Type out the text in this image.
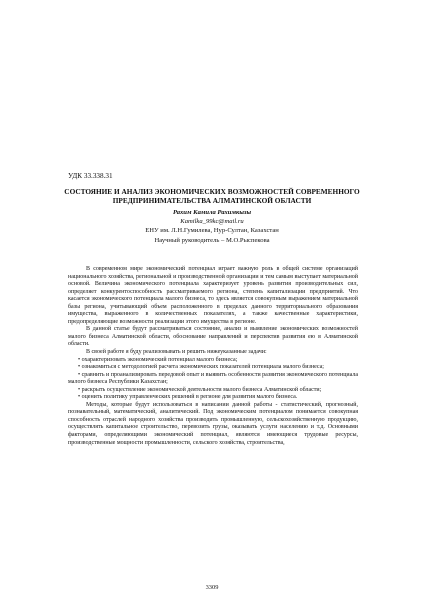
УДК 33.338.31
СОСТОЯНИЕ И АНАЛИЗ ЭКОНОМИЧЕСКИХ ВОЗМОЖНОСТЕЙ СОВРЕМЕННОГО ПРЕДПРИНИМАТЕЛЬСТВА АЛМАТИНСКОЙ ОБЛАСТИ
Рахим Камила Рахимкызы
Kamilka_99kc@mail.ru
ЕНУ им. Л.Н.Гумилева, Нур-Султан, Казахстан
Научный руководитель – М.О.Рыспекова

В современном мире экономический потенциал играет важную роль в общей системе организаций национального хозяйства, региональной и производственной организации и тем самым выступает материальной основой. Величина экономического потенциала характеризует уровень развития производительных сил, определяет конкурентоспособность рассматриваемого региона, степень капитализации предприятий. Что касается экономического потенциала малого бизнеса, то здесь является совокупным выражением материальной базы региона, учитывающий объем расположенного в пределах данного территориального образования имущества, выраженного в количественных показателях, а также качественные характеристики, предопределяющие возможности реализации этого имущества в регионе.

В данной статье будут рассматриваться состояние, анализ и выявление экономических возможностей малого бизнеса Алматинской области, обоснование направлений и перспектив развития ею в Алматинской области.

В своей работе я буду реализовывать и решить нижеуказанные задачи:

• охарактеризовать экономический потенциал малого бизнеса;

• ознакомиться с методологией расчета экономических показателей потенциала малого бизнеса;

• сравнить и проанализировать передовой опыт и выявить особенности развития экономического потенциала малого бизнеса Республики Казахстан;

• раскрыть осуществление экономической деятельности малого бизнеса Алматинской области;

• оценить политику управленческих решений в регионе для развития малого бизнеса.

Методы, которые будут использоваться в написании данной работы - статистический, прогнозный, познавательный, математический, аналитический. Под экономическим потенциалом понимается совокупная способность отраслей народного хозяйства производить промышленную, сельскохозяйственную продукцию, осуществлять капитальное строительство, перевозить грузы, оказывать услуги населению и т.д. Основными факторами, определяющими экономический потенциал, являются имеющиеся трудовые ресурсы, производственные мощности промышленности, сельского хозяйства, строительства,

3309
